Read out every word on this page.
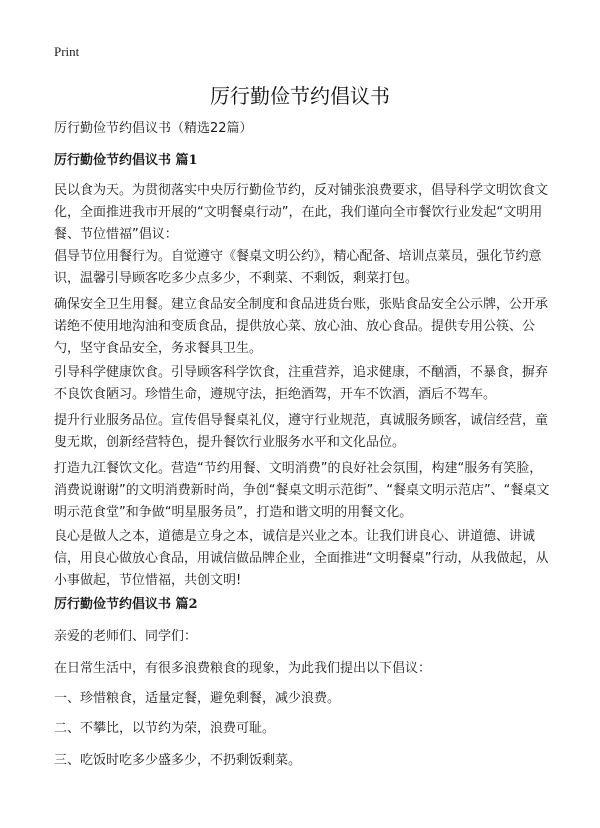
Print
厉行勤俭节约倡议书

厉行勤俭节约倡议书（精选22篇）

厉行勤俭节约倡议书 篇1

民以食为天。为贯彻落实中央厉行勤俭节约，反对铺张浪费要求，倡导科学文明饮食文化，全面推进我市开展的“文明餐桌行动”，在此，我们谨向全市餐饮行业发起“文明用餐、节位惜福”倡议：

倡导节位用餐行为。自觉遵守《餐桌文明公约》，精心配备、培训点菜员，强化节约意识，温馨引导顾客吃多少点多少，不剩菜、不剩饭，剩菜打包。

确保安全卫生用餐。建立食品安全制度和食品进货台账，张贴食品安全公示牌，公开承诺绝不使用地沟油和变质食品，提供放心菜、放心油、放心食品。提供专用公筷、公勺，坚守食品安全，务求餐具卫生。

引导科学健康饮食。引导顾客科学饮食，注重营养，追求健康，不酗酒，不暴食，摒弃不良饮食陋习。珍惜生命，遵规守法，拒绝酒驾，开车不饮酒，酒后不驾车。

提升行业服务品位。宣传倡导餐桌礼仪，遵守行业规范，真诚服务顾客，诚信经营，童叟无欺，创新经营特色，提升餐饮行业服务水平和文化品位。

打造九江餐饮文化。营造“节约用餐、文明消费”的良好社会氛围，构建“服务有笑脸，消费说谢谢”的文明消费新时尚，争创“餐桌文明示范街”、“餐桌文明示范店”、“餐桌文明示范食堂”和争做“明星服务员”，打造和谐文明的用餐文化。

良心是做人之本，道德是立身之本，诚信是兴业之本。让我们讲良心、讲道德、讲诚信，用良心做放心食品，用诚信做品牌企业，全面推进“文明餐桌”行动，从我做起，从小事做起，节位惜福，共创文明!

厉行勤俭节约倡议书 篇2

亲爱的老师们、同学们：

在日常生活中，有很多浪费粮食的现象，为此我们提出以下倡议：

一、珍惜粮食，适量定餐，避免剩餐，减少浪费。

二、不攀比，以节约为荣，浪费可耻。

三、吃饭时吃多少盛多少，不扔剩饭剩菜。
